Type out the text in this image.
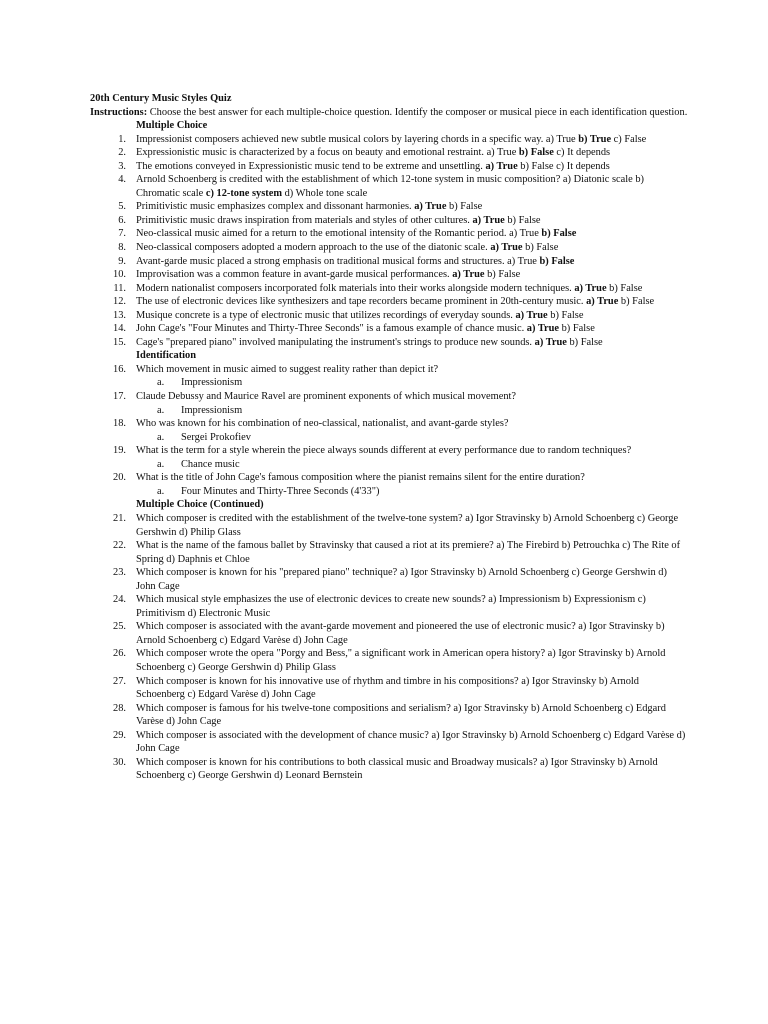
20th Century Music Styles Quiz
Instructions: Choose the best answer for each multiple-choice question. Identify the composer or musical piece in each identification question.
Multiple Choice
1. Impressionist composers achieved new subtle musical colors by layering chords in a specific way. a) True b) True c) False
2. Expressionistic music is characterized by a focus on beauty and emotional restraint. a) True b) False c) It depends
3. The emotions conveyed in Expressionistic music tend to be extreme and unsettling. a) True b) False c) It depends
4. Arnold Schoenberg is credited with the establishment of which 12-tone system in music composition? a) Diatonic scale b) Chromatic scale c) 12-tone system d) Whole tone scale
5. Primitivistic music emphasizes complex and dissonant harmonies. a) True b) False
6. Primitivistic music draws inspiration from materials and styles of other cultures. a) True b) False
7. Neo-classical music aimed for a return to the emotional intensity of the Romantic period. a) True b) False
8. Neo-classical composers adopted a modern approach to the use of the diatonic scale. a) True b) False
9. Avant-garde music placed a strong emphasis on traditional musical forms and structures. a) True b) False
10. Improvisation was a common feature in avant-garde musical performances. a) True b) False
11. Modern nationalist composers incorporated folk materials into their works alongside modern techniques. a) True b) False
12. The use of electronic devices like synthesizers and tape recorders became prominent in 20th-century music. a) True b) False
13. Musique concrete is a type of electronic music that utilizes recordings of everyday sounds. a) True b) False
14. John Cage's "Four Minutes and Thirty-Three Seconds" is a famous example of chance music. a) True b) False
15. Cage's "prepared piano" involved manipulating the instrument's strings to produce new sounds. a) True b) False
Identification
16. Which movement in music aimed to suggest reality rather than depict it?
a. Impressionism
17. Claude Debussy and Maurice Ravel are prominent exponents of which musical movement?
a. Impressionism
18. Who was known for his combination of neo-classical, nationalist, and avant-garde styles?
a. Sergei Prokofiev
19. What is the term for a style wherein the piece always sounds different at every performance due to random techniques?
a. Chance music
20. What is the title of John Cage's famous composition where the pianist remains silent for the entire duration?
a. Four Minutes and Thirty-Three Seconds (4'33")
Multiple Choice (Continued)
21. Which composer is credited with the establishment of the twelve-tone system? a) Igor Stravinsky b) Arnold Schoenberg c) George Gershwin d) Philip Glass
22. What is the name of the famous ballet by Stravinsky that caused a riot at its premiere? a) The Firebird b) Petrouchka c) The Rite of Spring d) Daphnis et Chloe
23. Which composer is known for his "prepared piano" technique? a) Igor Stravinsky b) Arnold Schoenberg c) George Gershwin d) John Cage
24. Which musical style emphasizes the use of electronic devices to create new sounds? a) Impressionism b) Expressionism c) Primitivism d) Electronic Music
25. Which composer is associated with the avant-garde movement and pioneered the use of electronic music? a) Igor Stravinsky b) Arnold Schoenberg c) Edgard Varèse d) John Cage
26. Which composer wrote the opera "Porgy and Bess," a significant work in American opera history? a) Igor Stravinsky b) Arnold Schoenberg c) George Gershwin d) Philip Glass
27. Which composer is known for his innovative use of rhythm and timbre in his compositions? a) Igor Stravinsky b) Arnold Schoenberg c) Edgard Varèse d) John Cage
28. Which composer is famous for his twelve-tone compositions and serialism? a) Igor Stravinsky b) Arnold Schoenberg c) Edgard Varèse d) John Cage
29. Which composer is associated with the development of chance music? a) Igor Stravinsky b) Arnold Schoenberg c) Edgard Varèse d) John Cage
30. Which composer is known for his contributions to both classical music and Broadway musicals? a) Igor Stravinsky b) Arnold Schoenberg c) George Gershwin d) Leonard Bernstein
